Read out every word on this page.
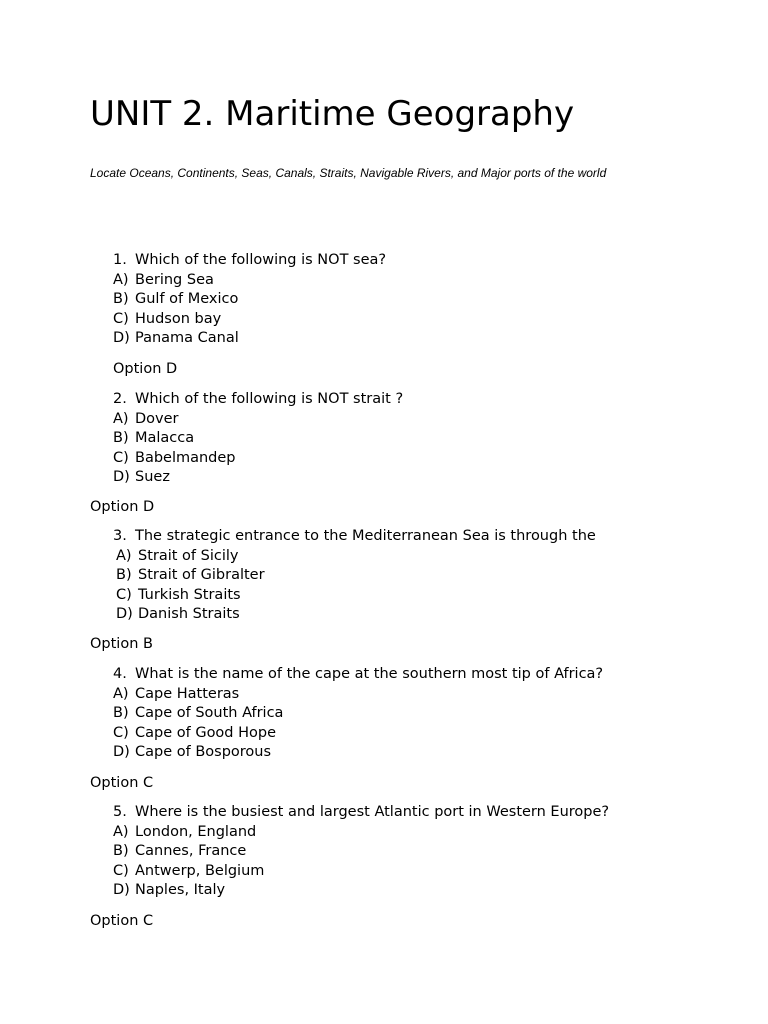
UNIT 2. Maritime Geography
Locate Oceans, Continents, Seas, Canals, Straits, Navigable Rivers, and Major ports of the world
1. Which of the following is NOT sea?
A) Bering Sea
B) Gulf of Mexico
C) Hudson bay
D) Panama Canal
Option D
2. Which of the following is NOT strait ?
A) Dover
B) Malacca
C) Babelmandep
D) Suez
Option D
3. The strategic entrance to the Mediterranean Sea is through the
A) Strait of Sicily
B) Strait of Gibralter
C) Turkish Straits
D) Danish Straits
Option B
4. What is the name of the cape at the southern most tip of Africa?
A) Cape Hatteras
B) Cape of South Africa
C) Cape of Good Hope
D) Cape of Bosporous
Option C
5. Where is the busiest and largest Atlantic port in Western Europe?
A) London, England
B) Cannes, France
C) Antwerp, Belgium
D) Naples, Italy
Option C
